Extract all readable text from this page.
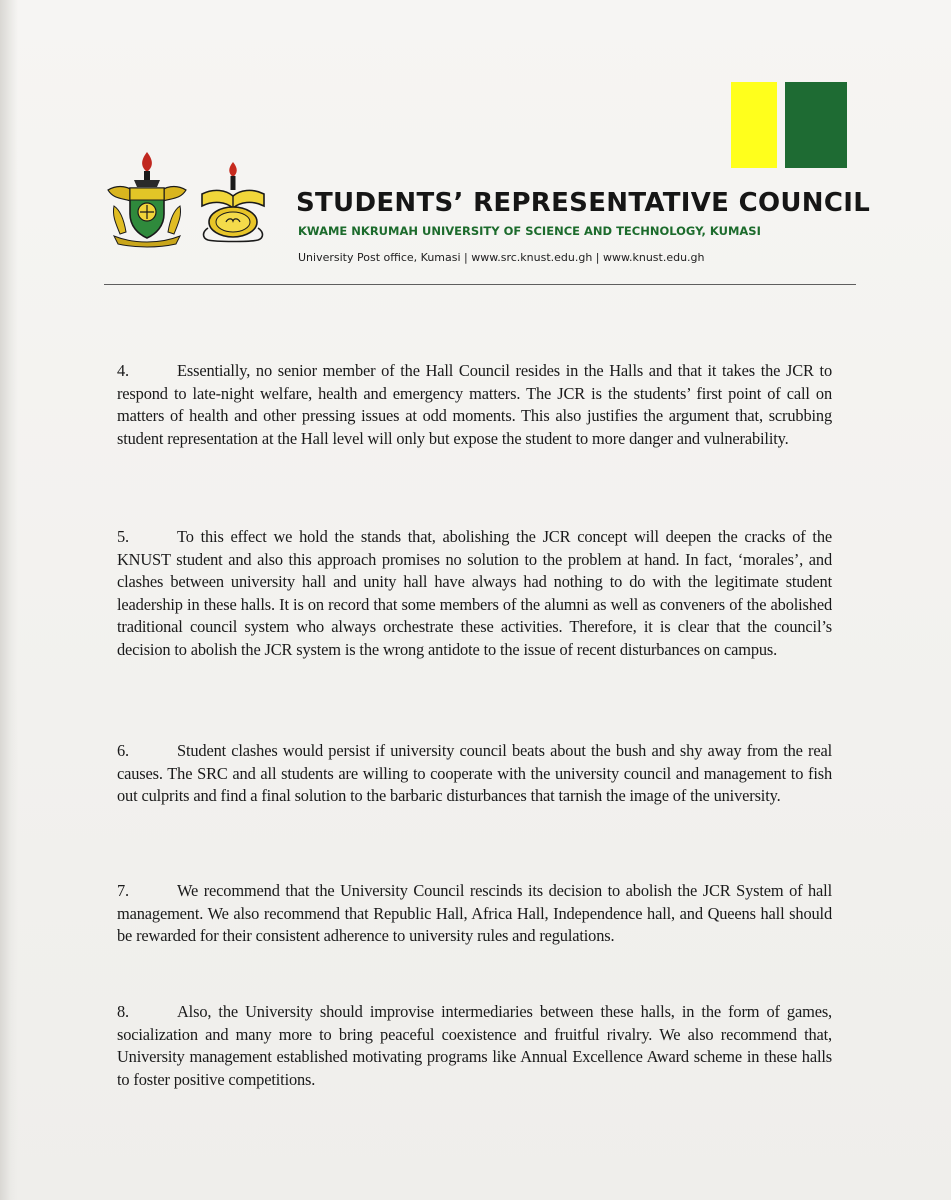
STUDENTS’ REPRESENTATIVE COUNCIL
KWAME NKRUMAH UNIVERSITY OF SCIENCE AND TECHNOLOGY, KUMASI
University Post office, Kumasi | www.src.knust.edu.gh | www.knust.edu.gh
4.	Essentially, no senior member of the Hall Council resides in the Halls and that it takes the JCR to respond to late-night welfare, health and emergency matters. The JCR is the students’ first point of call on matters of health and other pressing issues at odd moments. This also justifies the argument that, scrubbing student representation at the Hall level will only but expose the student to more danger and vulnerability.
5.	To this effect we hold the stands that, abolishing the JCR concept will deepen the cracks of the KNUST student and also this approach promises no solution to the problem at hand. In fact, ‘morales’, and clashes between university hall and unity hall have always had nothing to do with the legitimate student leadership in these halls. It is on record that some members of the alumni as well as conveners of the abolished traditional council system who always orchestrate these activities. Therefore, it is clear that the council’s decision to abolish the JCR system is the wrong antidote to the issue of recent disturbances on campus.
6.	Student clashes would persist if university council beats about the bush and shy away from the real causes. The SRC and all students are willing to cooperate with the university council and management to fish out culprits and find a final solution to the barbaric disturbances that tarnish the image of the university.
7.	We recommend that the University Council rescinds its decision to abolish the JCR System of hall management. We also recommend that Republic Hall, Africa Hall, Independence hall, and Queens hall should be rewarded for their consistent adherence to university rules and regulations.
8.	Also, the University should improvise intermediaries between these halls, in the form of games, socialization and many more to bring peaceful coexistence and fruitful rivalry. We also recommend that, University management established motivating programs like Annual Excellence Award scheme in these halls to foster positive competitions.
